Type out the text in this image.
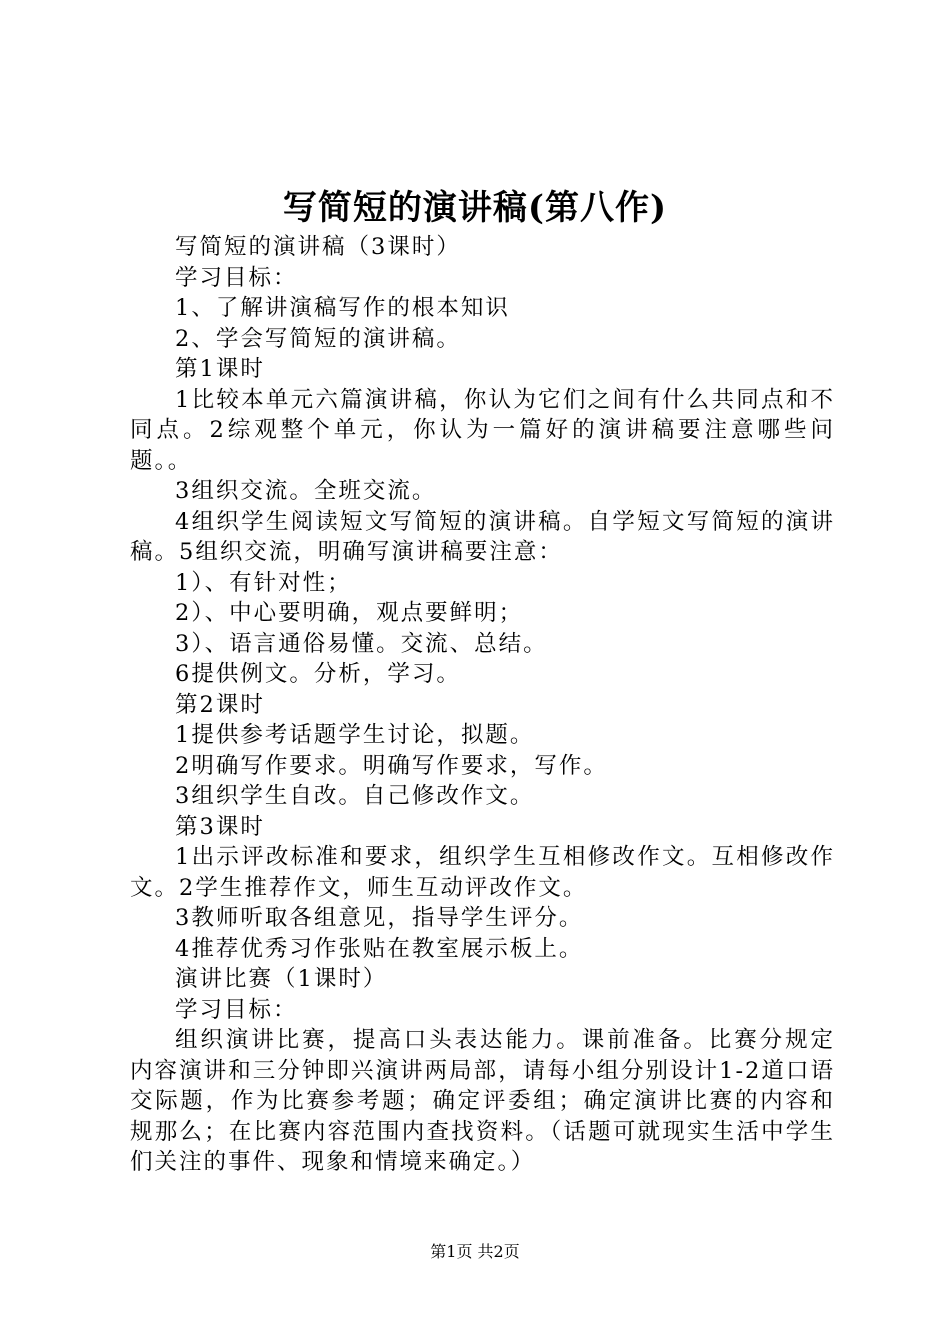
写简短的演讲稿(第八作)

写简短的演讲稿（3课时）

学习目标：

1、了解讲演稿写作的根本知识

2、学会写简短的演讲稿。

第1课时

1比较本单元六篇演讲稿，你认为它们之间有什么共同点和不同点。2综观整个单元，你认为一篇好的演讲稿要注意哪些问题。。

3组织交流。全班交流。

4组织学生阅读短文写简短的演讲稿。自学短文写简短的演讲稿。5组织交流，明确写演讲稿要注意：

1）、有针对性；

2）、中心要明确，观点要鲜明；

3）、语言通俗易懂。交流、总结。

6提供例文。分析，学习。

第2课时

1提供参考话题学生讨论，拟题。

2明确写作要求。明确写作要求，写作。

3组织学生自改。自己修改作文。

第3课时

1出示评改标准和要求，组织学生互相修改作文。互相修改作文。2学生推荐作文，师生互动评改作文。

3教师听取各组意见，指导学生评分。

4推荐优秀习作张贴在教室展示板上。

演讲比赛（1课时）

学习目标：

组织演讲比赛，提高口头表达能力。课前准备。比赛分规定内容演讲和三分钟即兴演讲两局部，请每小组分别设计1-2道口语交际题，作为比赛参考题；确定评委组；确定演讲比赛的内容和规那么；在比赛内容范围内查找资料。（话题可就现实生活中学生们关注的事件、现象和情境来确定。）

第1页 共2页
